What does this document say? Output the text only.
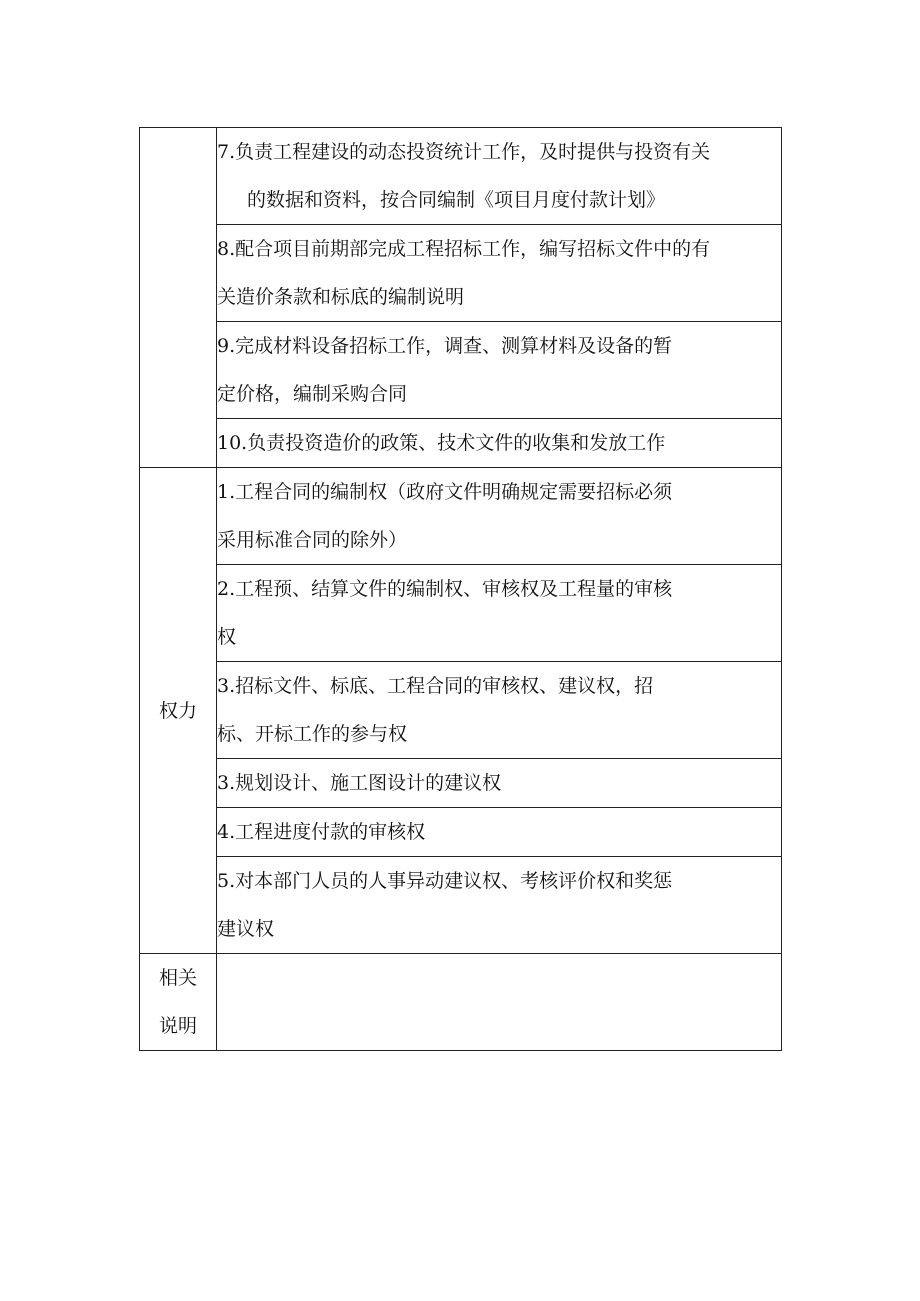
	7.负责工程建设的动态投资统计工作，及时提供与投资有关
的数据和资料，按合同编制《项目月度付款计划》

	8.配合项目前期部完成工程招标工作，编写招标文件中的有
关造价条款和标底的编制说明

	9.完成材料设备招标工作，调查、测算材料及设备的暂
定价格，编制采购合同

	10.负责投资造价的政策、技术文件的收集和发放工作

权力	1.工程合同的编制权（政府文件明确规定需要招标必须
采用标准合同的除外）

	2.工程预、结算文件的编制权、审核权及工程量的审核
权

	3.招标文件、标底、工程合同的审核权、建议权，招
标、开标工作的参与权

	3.规划设计、施工图设计的建议权

	4.工程进度付款的审核权

	5.对本部门人员的人事异动建议权、考核评价权和奖惩
建议权

相关
说明	
